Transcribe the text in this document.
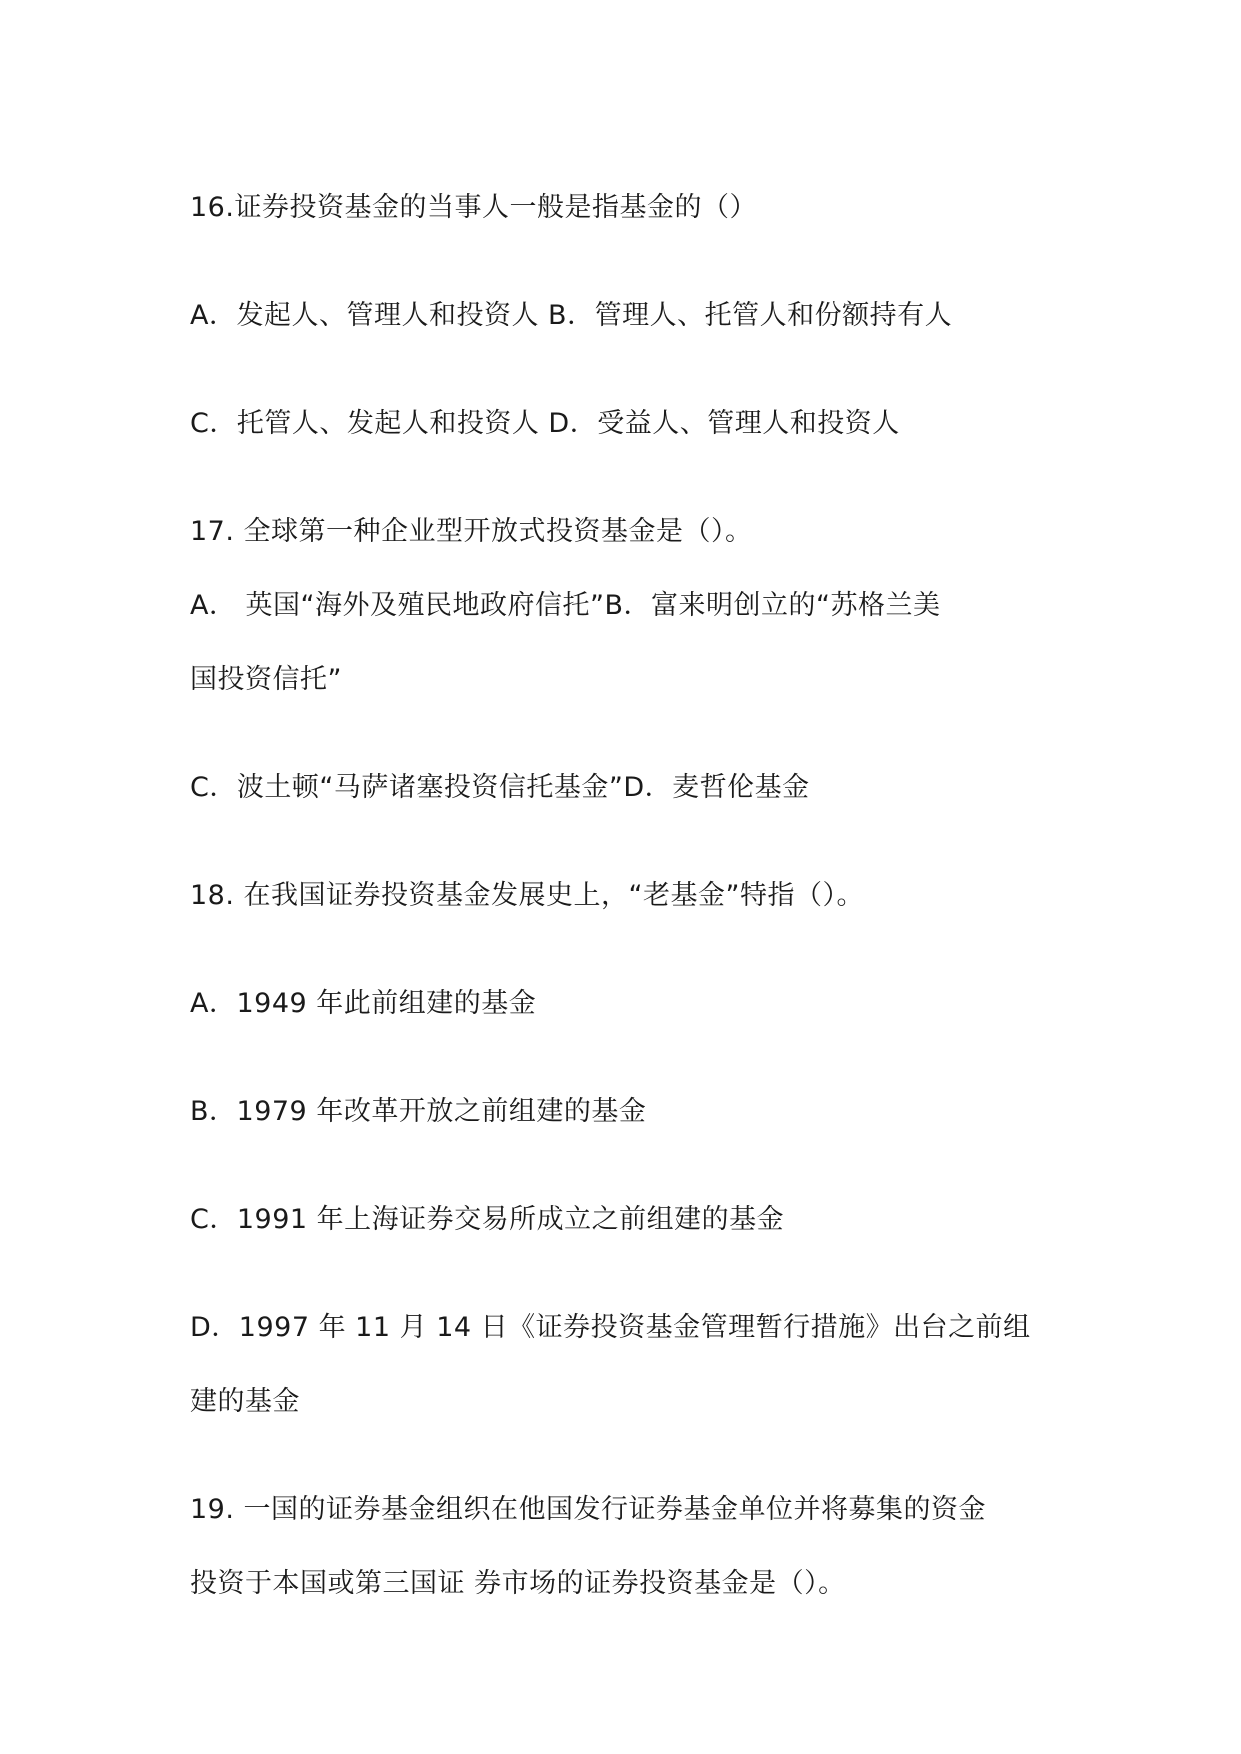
16.证券投资基金的当事人一般是指基金的（）
A．发起人、管理人和投资人 B．管理人、托管人和份额持有人
C．托管人、发起人和投资人 D．受益人、管理人和投资人
17. 全球第一种企业型开放式投资基金是（）。
A． 英国“海外及殖民地政府信托”B．富来明创立的“苏格兰美
国投资信托”
C．波土顿“马萨诸塞投资信托基金”D．麦哲伦基金
18. 在我国证券投资基金发展史上，“老基金”特指（）。
A．1949 年此前组建的基金
B．1979 年改革开放之前组建的基金
C．1991 年上海证券交易所成立之前组建的基金
D．1997 年 11 月 14 日《证券投资基金管理暂行措施》出台之前组
建的基金
19. 一国的证券基金组织在他国发行证券基金单位并将募集的资金
投资于本国或第三国证 券市场的证券投资基金是（）。
